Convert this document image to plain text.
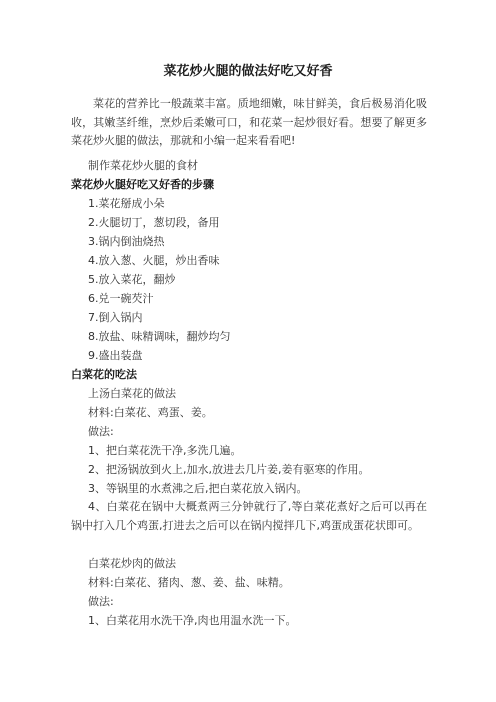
菜花炒火腿的做法好吃又好香
菜花的营养比一般蔬菜丰富。质地细嫩，味甘鲜美，食后极易消化吸收，其嫩茎纤维，烹炒后柔嫩可口，和花菜一起炒很好看。想要了解更多菜花炒火腿的做法，那就和小编一起来看看吧!
制作菜花炒火腿的食材
菜花炒火腿好吃又好香的步骤
1.菜花掰成小朵
2.火腿切丁，葱切段，备用
3.锅内倒油烧热
4.放入葱、火腿，炒出香味
5.放入菜花，翻炒
6.兑一碗芡汁
7.倒入锅内
8.放盐、味精调味，翻炒均匀
9.盛出装盘
白菜花的吃法
上汤白菜花的做法
材料:白菜花、鸡蛋、姜。
做法:
1、把白菜花洗干净,多洗几遍。
2、把汤锅放到火上,加水,放进去几片姜,姜有驱寒的作用。
3、等锅里的水煮沸之后,把白菜花放入锅内。
4、白菜花在锅中大概煮两三分钟就行了,等白菜花煮好之后可以再在锅中打入几个鸡蛋,打进去之后可以在锅内搅拌几下,鸡蛋成蛋花状即可。
白菜花炒肉的做法
材料:白菜花、猪肉、葱、姜、盐、味精。
做法:
1、白菜花用水洗干净,肉也用温水洗一下。
